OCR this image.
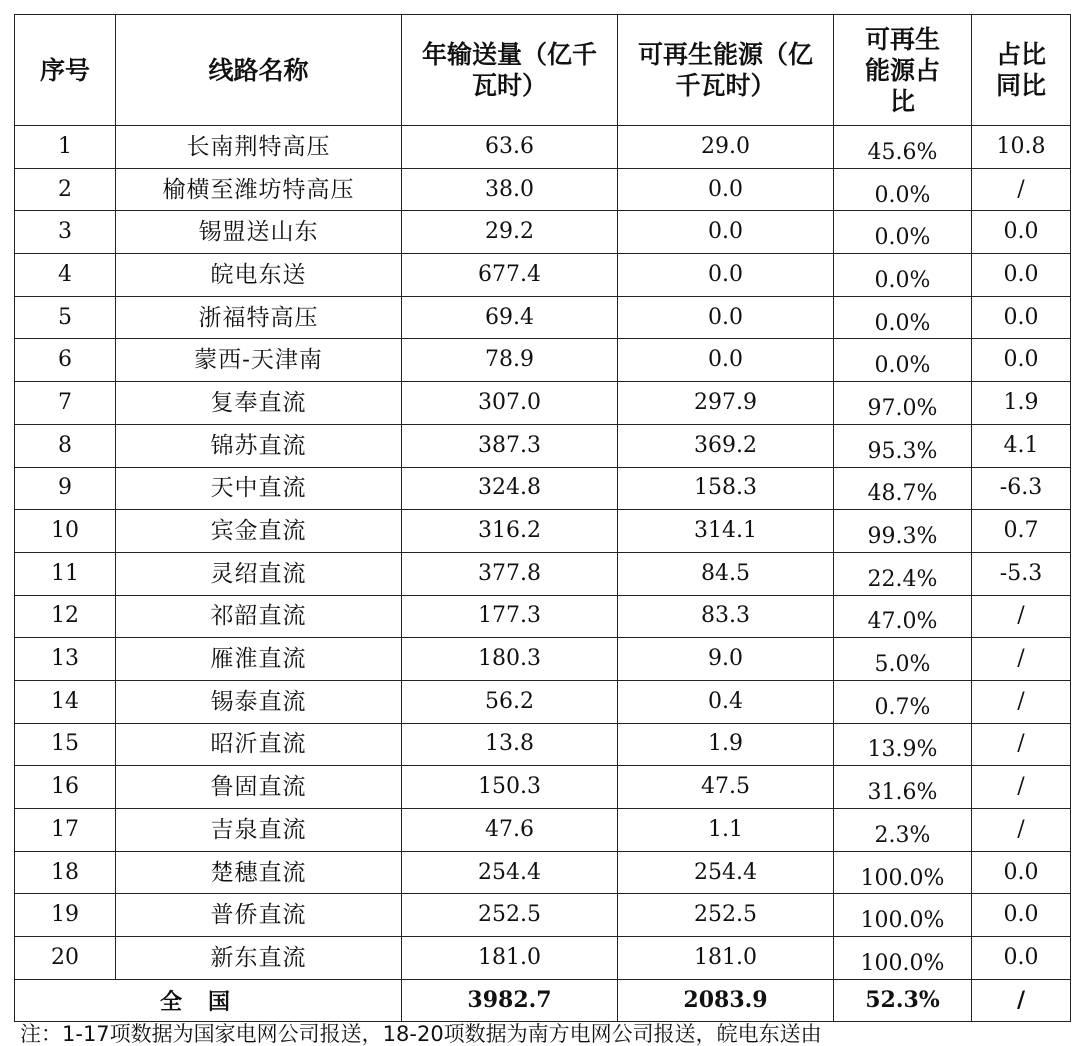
序号	线路名称	年输送量（亿千瓦时）	可再生能源（亿千瓦时）	可再生能源占比	占比同比
1	长南荆特高压	63.6	29.0	45.6%	10.8
2	榆横至潍坊特高压	38.0	0.0	0.0%	/
3	锡盟送山东	29.2	0.0	0.0%	0.0
4	皖电东送	677.4	0.0	0.0%	0.0
5	浙福特高压	69.4	0.0	0.0%	0.0
6	蒙西-天津南	78.9	0.0	0.0%	0.0
7	复奉直流	307.0	297.9	97.0%	1.9
8	锦苏直流	387.3	369.2	95.3%	4.1
9	天中直流	324.8	158.3	48.7%	-6.3
10	宾金直流	316.2	314.1	99.3%	0.7
11	灵绍直流	377.8	84.5	22.4%	-5.3
12	祁韶直流	177.3	83.3	47.0%	/
13	雁淮直流	180.3	9.0	5.0%	/
14	锡泰直流	56.2	0.4	0.7%	/
15	昭沂直流	13.8	1.9	13.9%	/
16	鲁固直流	150.3	47.5	31.6%	/
17	吉泉直流	47.6	1.1	2.3%	/
18	楚穗直流	254.4	254.4	100.0%	0.0
19	普侨直流	252.5	252.5	100.0%	0.0
20	新东直流	181.0	181.0	100.0%	0.0
全国		3982.7	2083.9	52.3%	/
注：1-17项数据为国家电网公司报送，18-20项数据为南方电网公司报送，皖电东送由
